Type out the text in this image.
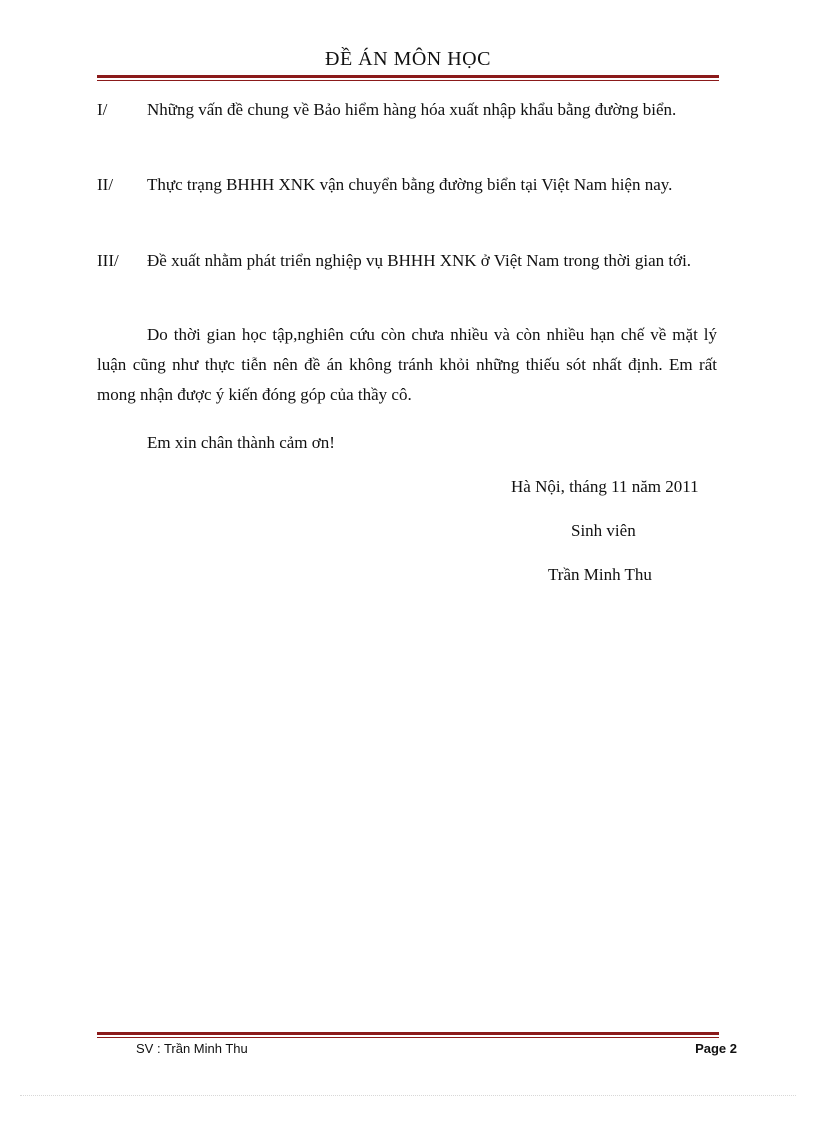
ĐỀ ÁN MÔN HỌC
I/	Những vấn đề chung về Bảo hiểm hàng hóa xuất nhập khẩu bằng đường biển.
II/	Thực trạng BHHH XNK vận chuyển bằng đường biển tại Việt Nam hiện nay.
III/	Đề xuất nhằm phát triển nghiệp vụ BHHH XNK ở Việt Nam trong thời gian tới.
Do thời gian học tập,nghiên cứu còn chưa nhiều và còn nhiều hạn chế về mặt lý luận cũng như thực tiễn nên đề án không tránh khỏi những thiếu sót nhất định. Em rất mong nhận được ý kiến đóng góp của thầy cô.
Em xin chân thành cảm ơn!
Hà Nội, tháng 11 năm 2011
Sinh viên
Trần Minh Thu
SV : Trần Minh Thu	Page 2
